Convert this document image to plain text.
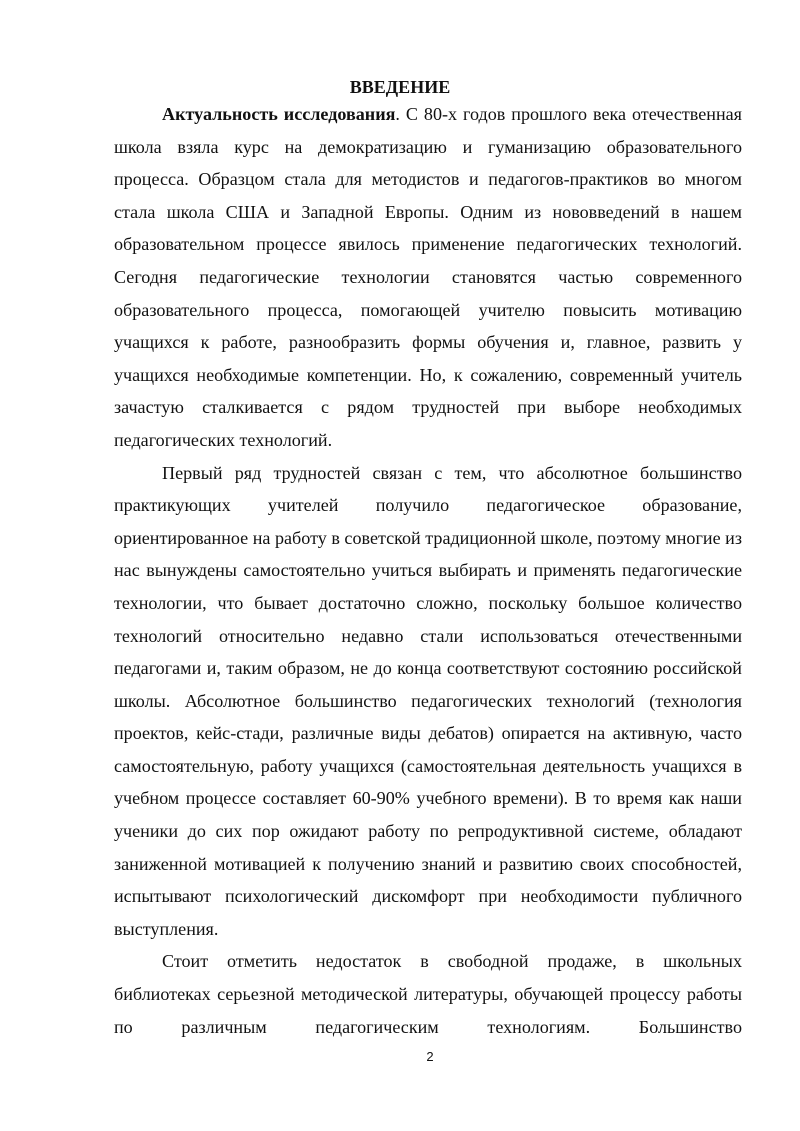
ВВЕДЕНИЕ

Актуальность исследования. С 80-х годов прошлого века отечественная школа взяла курс на демократизацию и гуманизацию образовательного процесса. Образцом стала для методистов и педагогов-практиков во многом стала школа США и Западной Европы. Одним из нововведений в нашем образовательном процессе явилось применение педагогических технологий. Сегодня педагогические технологии становятся частью современного образовательного процесса, помогающей учителю повысить мотивацию учащихся к работе, разнообразить формы обучения и, главное, развить у учащихся необходимые компетенции. Но, к сожалению, современный учитель зачастую сталкивается с рядом трудностей при выборе необходимых педагогических технологий.

Первый ряд трудностей связан с тем, что абсолютное большинство практикующих учителей получило педагогическое образование, ориентированное на работу в советской традиционной школе, поэтому многие из нас вынуждены самостоятельно учиться выбирать и применять педагогические технологии, что бывает достаточно сложно, поскольку большое количество технологий относительно недавно стали использоваться отечественными педагогами и, таким образом, не до конца соответствуют состоянию российской школы. Абсолютное большинство педагогических технологий (технология проектов, кейс-стади, различные виды дебатов) опирается на активную, часто самостоятельную, работу учащихся (самостоятельная деятельность учащихся в учебном процессе составляет 60-90% учебного времени). В то время как наши ученики до сих пор ожидают работу по репродуктивной системе, обладают заниженной мотивацией к получению знаний и развитию своих способностей, испытывают психологический дискомфорт при необходимости публичного выступления.

Стоит отметить недостаток в свободной продаже, в школьных библиотеках серьезной методической литературы, обучающей процессу работы по различным педагогическим технологиям. Большинство

2
